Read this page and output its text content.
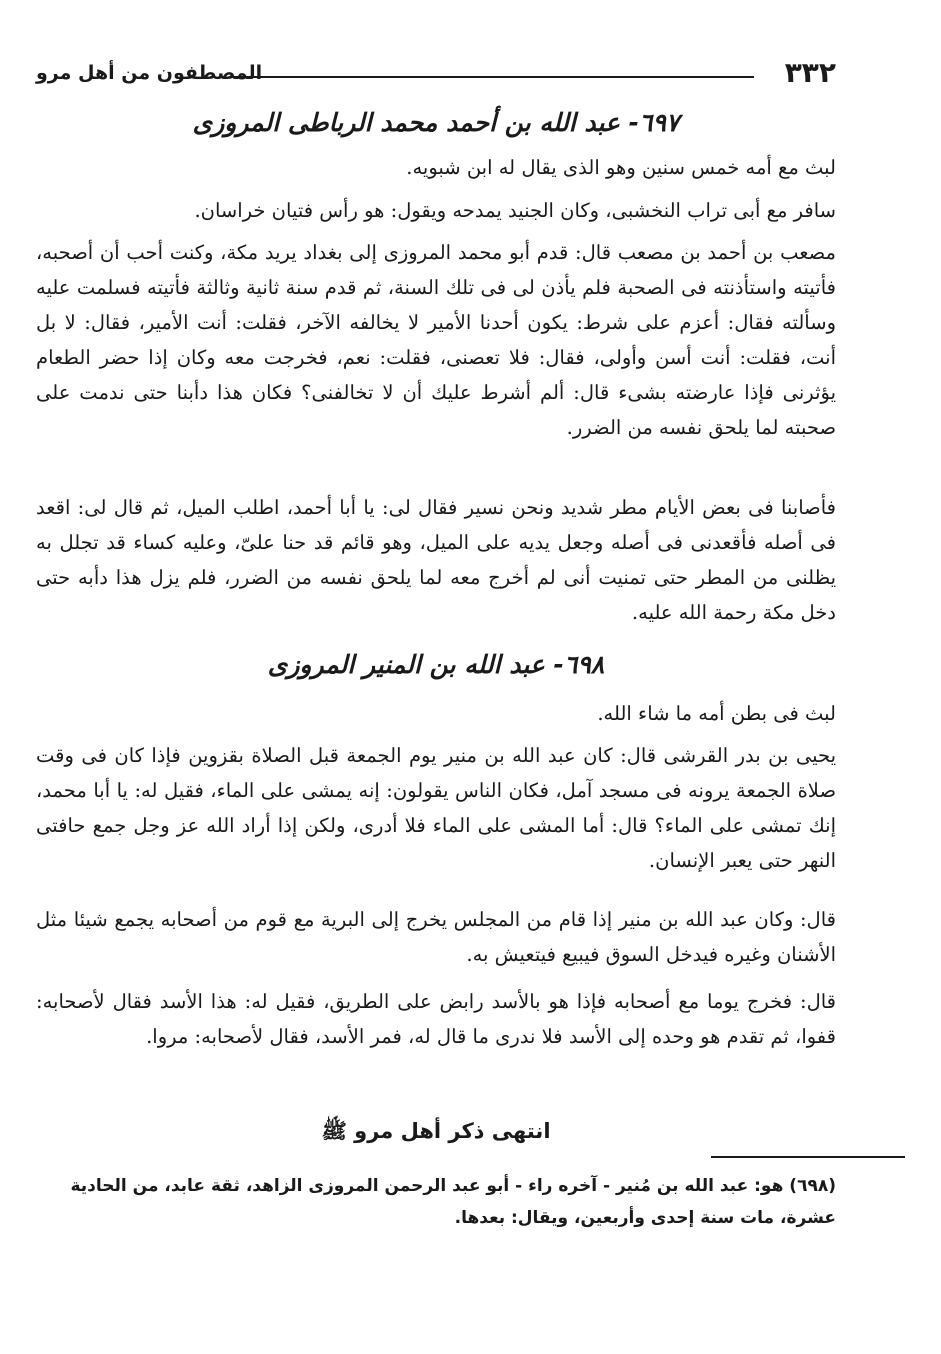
٣٣٢
المصطفون من أهل مرو
٦٩٧- عبد الله بن أحمد محمد الرباطى المروزى

لبث مع أمه خمس سنين وهو الذى يقال له ابن شبويه.

سافر مع أبى تراب النخشبى، وكان الجنيد يمدحه ويقول: هو رأس فتيان خراسان.

مصعب بن أحمد بن مصعب قال: قدم أبو محمد المروزى إلى بغداد يريد مكة، وكنت أحب أن أصحبه، فأتيته واستأذنته فى الصحبة فلم يأذن لى فى تلك السنة، ثم قدم سنة ثانية وثالثة فأتيته فسلمت عليه وسألته فقال: أعزم على شرط: يكون أحدنا الأمير لا يخالفه الآخر، فقلت: أنت الأمير، فقال: لا بل أنت، فقلت: أنت أسن وأولى، فقال: فلا تعصنى، فقلت: نعم، فخرجت معه وكان إذا حضر الطعام يؤثرنى فإذا عارضته بشىء قال: ألم أشرط عليك أن لا تخالفنى؟ فكان هذا دأبنا حتى ندمت على صحبته لما يلحق نفسه من الضرر.

فأصابنا فى بعض الأيام مطر شديد ونحن نسير فقال لى: يا أبا أحمد، اطلب الميل، ثم قال لى: اقعد فى أصله فأقعدنى فى أصله وجعل يديه على الميل، وهو قائم قد حنا علىّ، وعليه كساء قد تجلل به يظلنى من المطر حتى تمنيت أنى لم أخرج معه لما يلحق نفسه من الضرر، فلم يزل هذا دأبه حتى دخل مكة رحمة الله عليه.

٦٩٨- عبد الله بن المنير المروزى

لبث فى بطن أمه ما شاء الله.

يحيى بن بدر القرشى قال: كان عبد الله بن منير يوم الجمعة قبل الصلاة بقزوين فإذا كان فى وقت صلاة الجمعة يرونه فى مسجد آمل، فكان الناس يقولون: إنه يمشى على الماء، فقيل له: يا أبا محمد، إنك تمشى على الماء؟ قال: أما المشى على الماء فلا أدرى، ولكن إذا أراد الله عز وجل جمع حافتى النهر حتى يعبر الإنسان.

قال: وكان عبد الله بن منير إذا قام من المجلس يخرج إلى البرية مع قوم من أصحابه يجمع شيئا مثل الأشنان وغيره فيدخل السوق فيبيع فيتعيش به.

قال: فخرج يوما مع أصحابه فإذا هو بالأسد رابض على الطريق، فقيل له: هذا الأسد فقال لأصحابه: قفوا، ثم تقدم هو وحده إلى الأسد فلا ندرى ما قال له، فمر الأسد، فقال لأصحابه: مروا.

انتهى ذكر أهل مرو ﷺ

(٦٩٨) هو: عبد الله بن مُنير - آخره راء - أبو عبد الرحمن المروزى الزاهد، ثقة عابد، من الحادية عشرة، مات سنة إحدى وأربعين، ويقال: بعدها.
